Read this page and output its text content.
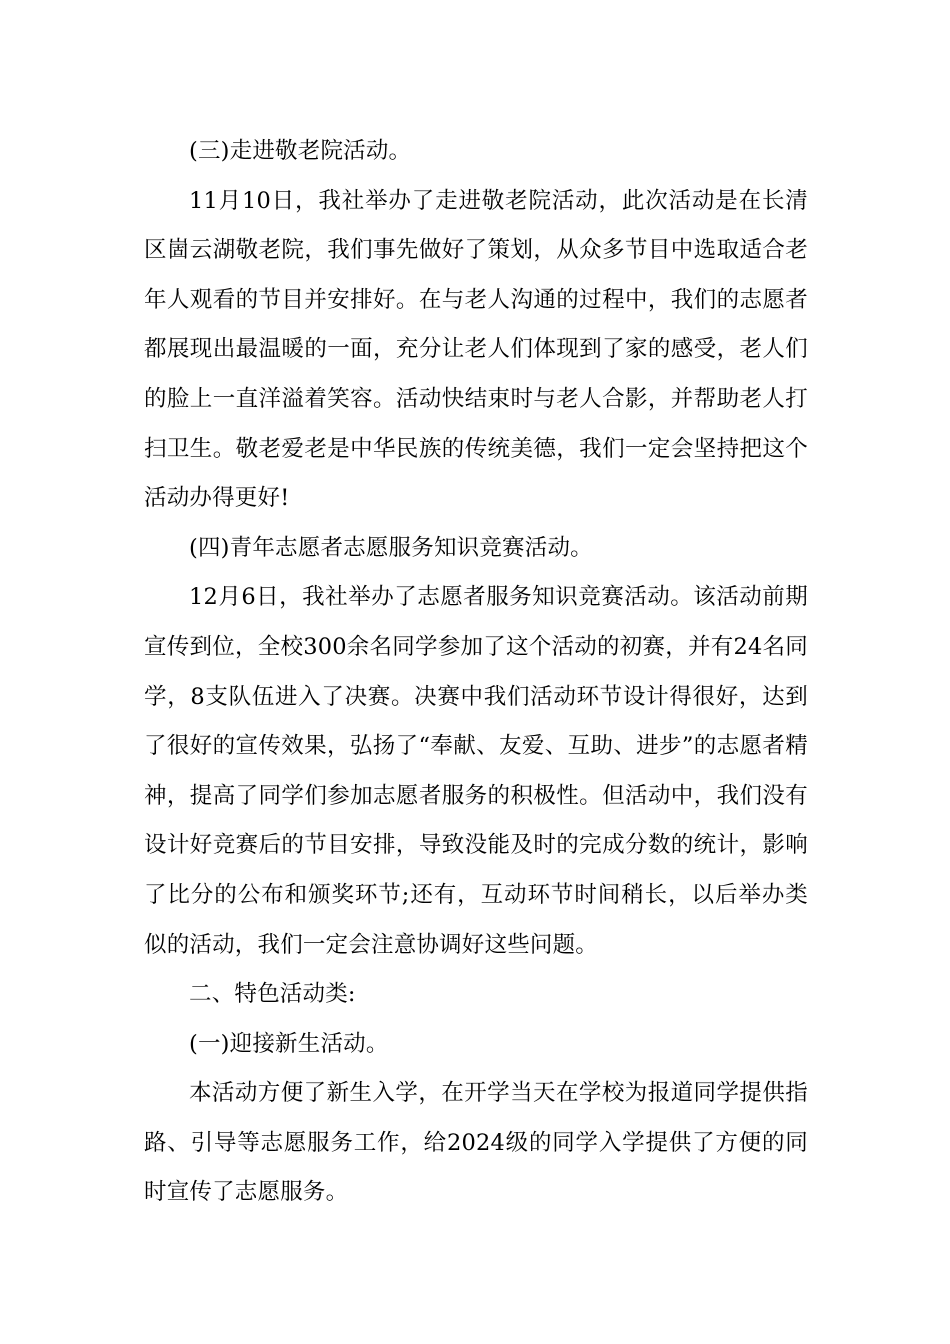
(三)走进敬老院活动。

11月10日，我社举办了走进敬老院活动，此次活动是在长清区崮云湖敬老院，我们事先做好了策划，从众多节目中选取适合老年人观看的节目并安排好。在与老人沟通的过程中，我们的志愿者都展现出最温暖的一面，充分让老人们体现到了家的感受，老人们的脸上一直洋溢着笑容。活动快结束时与老人合影，并帮助老人打扫卫生。敬老爱老是中华民族的传统美德，我们一定会坚持把这个活动办得更好!

(四)青年志愿者志愿服务知识竞赛活动。

12月6日，我社举办了志愿者服务知识竞赛活动。该活动前期宣传到位，全校300余名同学参加了这个活动的初赛，并有24名同学，8支队伍进入了决赛。决赛中我们活动环节设计得很好，达到了很好的宣传效果，弘扬了“奉献、友爱、互助、进步”的志愿者精神，提高了同学们参加志愿者服务的积极性。但活动中，我们没有设计好竞赛后的节目安排，导致没能及时的完成分数的统计，影响了比分的公布和颁奖环节;还有，互动环节时间稍长，以后举办类似的活动，我们一定会注意协调好这些问题。

二、特色活动类:

(一)迎接新生活动。

本活动方便了新生入学，在开学当天在学校为报道同学提供指路、引导等志愿服务工作，给2024级的同学入学提供了方便的同时宣传了志愿服务。
